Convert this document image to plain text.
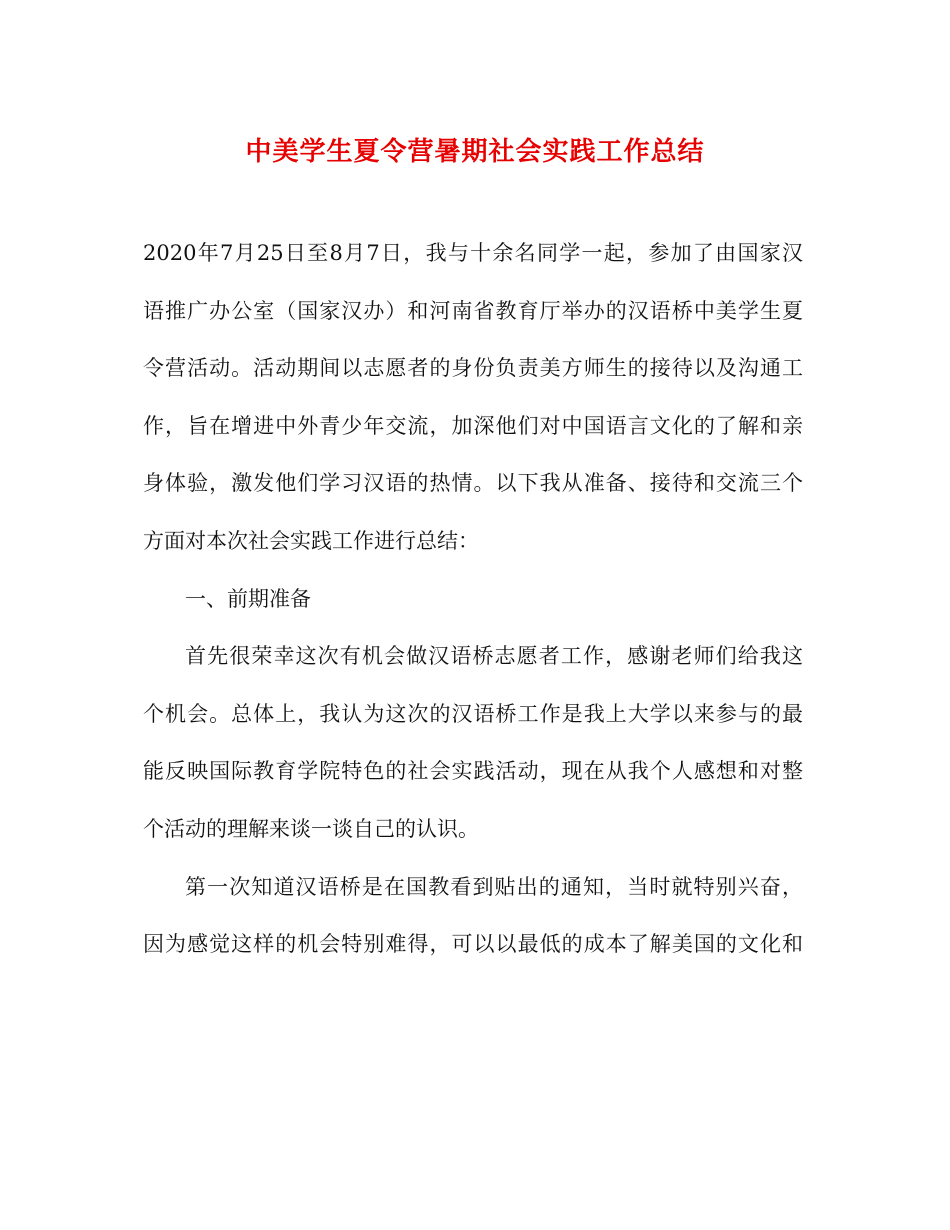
中美学生夏令营暑期社会实践工作总结
2020年7月25日至8月7日，我与十余名同学一起，参加了由国家汉
语推广办公室（国家汉办）和河南省教育厅举办的汉语桥中美学生夏
令营活动。活动期间以志愿者的身份负责美方师生的接待以及沟通工
作，旨在增进中外青少年交流，加深他们对中国语言文化的了解和亲
身体验，激发他们学习汉语的热情。以下我从准备、接待和交流三个
方面对本次社会实践工作进行总结：
一、前期准备
首先很荣幸这次有机会做汉语桥志愿者工作，感谢老师们给我这
个机会。总体上，我认为这次的汉语桥工作是我上大学以来参与的最
能反映国际教育学院特色的社会实践活动，现在从我个人感想和对整
个活动的理解来谈一谈自己的认识。
第一次知道汉语桥是在国教看到贴出的通知，当时就特别兴奋，
因为感觉这样的机会特别难得，可以以最低的成本了解美国的文化和
